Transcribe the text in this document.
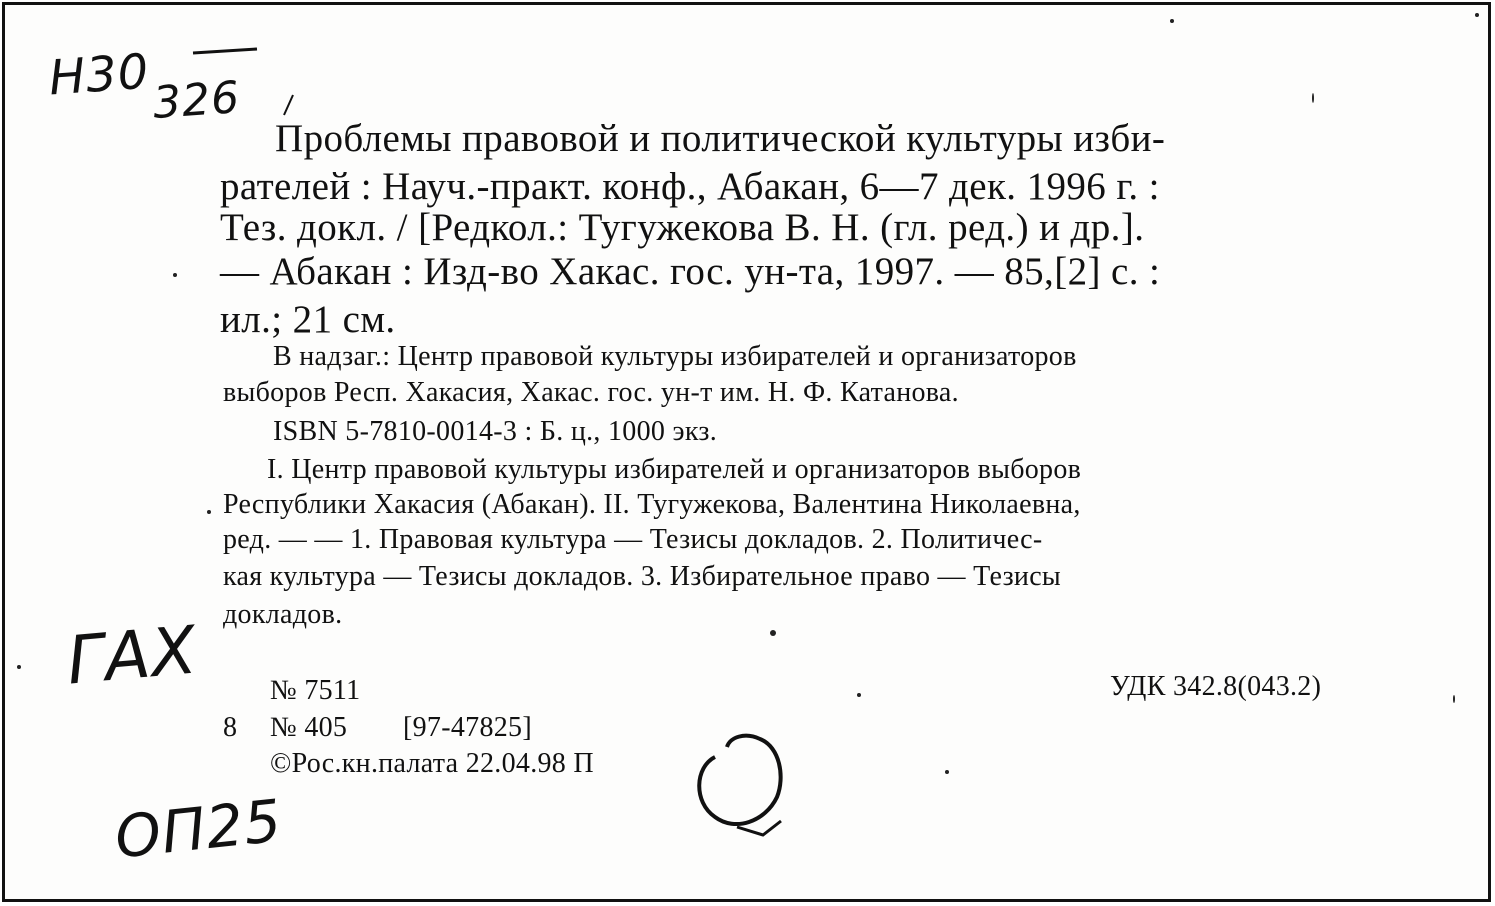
Н30 326
ГАХ
ОП25
Проблемы правовой и политической культуры изби-
рателей : Науч.-практ. конф., Абакан, 6—7 дек. 1996 г. :
Тез. докл. / [Редкол.: Тугужекова В. Н. (гл. ред.) и др.].
— Абакан : Изд-во Хакас. гос. ун-та, 1997. — 85,[2] с. :
ил.; 21 см.
В надзаг.: Центр правовой культуры избирателей и организаторов
выборов Респ. Хакасия, Хакас. гос. ун-т им. Н. Ф. Катанова.
ISBN 5-7810-0014-3 : Б. ц., 1000 экз.
I. Центр правовой культуры избирателей и организаторов выборов
Республики Хакасия (Абакан). II. Тугужекова, Валентина Николаевна,
ред. — — 1. Правовая культура — Тезисы докладов. 2. Политичес-
кая культура — Тезисы докладов. 3. Избирательное право — Тезисы
докладов.
№ 7511	УДК 342.8(043.2)
8 № 405 [97-47825]
©Рос.кн.палата 22.04.98 П
